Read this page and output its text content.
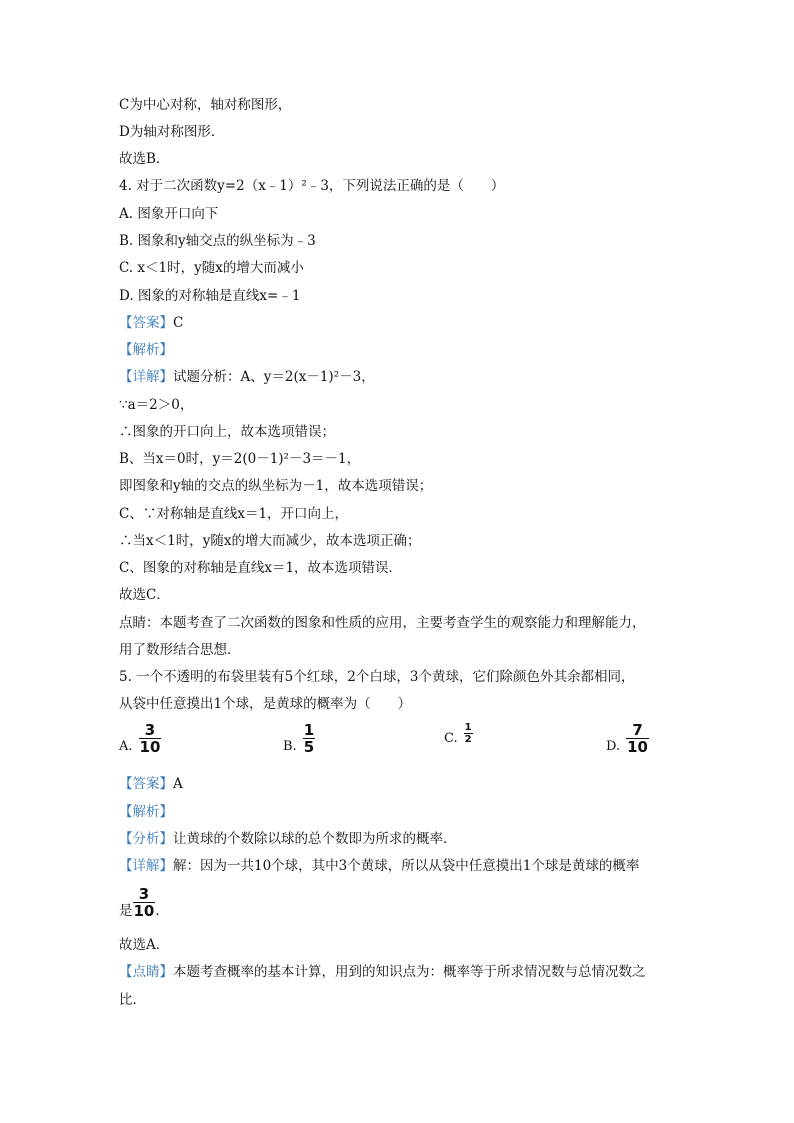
C为中心对称，轴对称图形，
D为轴对称图形．
故选B．
4. 对于二次函数y=2（x﹣1）²﹣3，下列说法正确的是（　　）
A. 图象开口向下
B. 图象和y轴交点的纵坐标为﹣3
C. x＜1时，y随x的增大而减小
D. 图象的对称轴是直线x=﹣1
【答案】C
【解析】
【详解】试题分析：A、y＝2(x－1)²－3，
∵a＝2＞0，
∴图象的开口向上，故本选项错误；
B、当x＝0时，y＝2(0－1)²－3＝－1，
即图象和y轴的交点的纵坐标为－1，故本选项错误；
C、∵对称轴是直线x＝1，开口向上，
∴当x＜1时，y随x的增大而减少，故本选项正确；
C、图象的对称轴是直线x＝1，故本选项错误．
故选C．
点睛：本题考查了二次函数的图象和性质的应用，主要考查学生的观察能力和理解能力，
用了数形结合思想．
5. 一个不透明的布袋里装有5个红球，2个白球，3个黄球，它们除颜色外其余都相同，
从袋中任意摸出1个球，是黄球的概率为（　　）
A. $\frac{3}{10}$	B. $\frac{1}{5}$	C. $\frac{1}{2}$
D. $\frac{7}{10}$
【答案】A
【解析】
【分析】让黄球的个数除以球的总个数即为所求的概率．
【详解】解：因为一共10个球，其中3个黄球，所以从袋中任意摸出1个球是黄球的概率
是 $\frac{3}{10}$ ．
故选A．
【点睛】本题考查概率的基本计算，用到的知识点为：概率等于所求情况数与总情况数之
比．
